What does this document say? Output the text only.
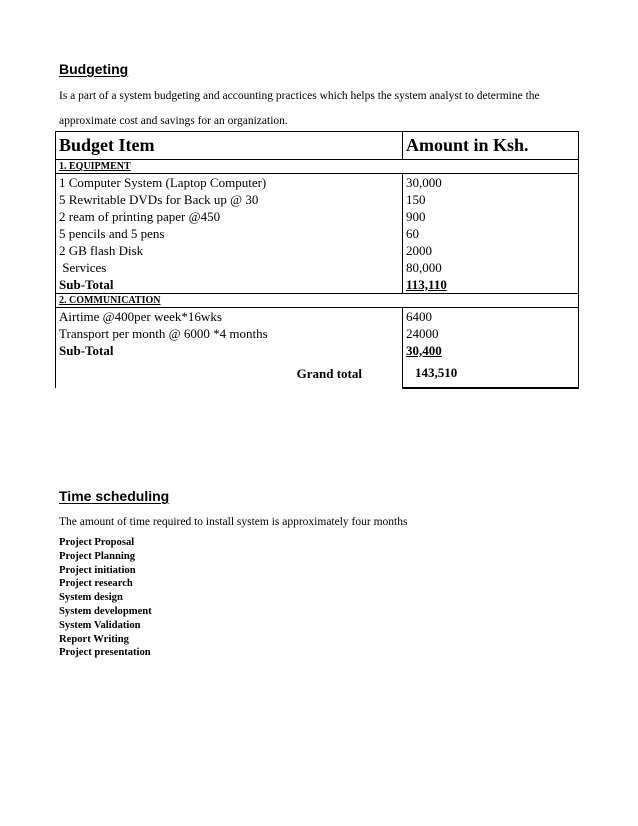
Budgeting

Is a part of a system budgeting and accounting practices which helps the system analyst to determine the approximate cost and savings for an organization.

Budget Item	Amount in Ksh.
1. EQUIPMENT	
1 Computer System (Laptop Computer)	30,000
5 Rewritable DVDs for Back up @ 30	150
2 ream of printing paper @450	900
5 pencils and 5 pens	60
2 GB flash Disk	2000
Services	80,000
Sub-Total	113,110
2. COMMUNICATION	
Airtime @400per week*16wks	6400
Transport per month @ 6000 *4 months	24000
Sub-Total	30,400
Grand total	143,510
Time scheduling

The amount of time required to install system is approximately four months

Project Proposal
Project Planning
Project initiation
Project research
System design
System development
System Validation
Report Writing
Project presentation
